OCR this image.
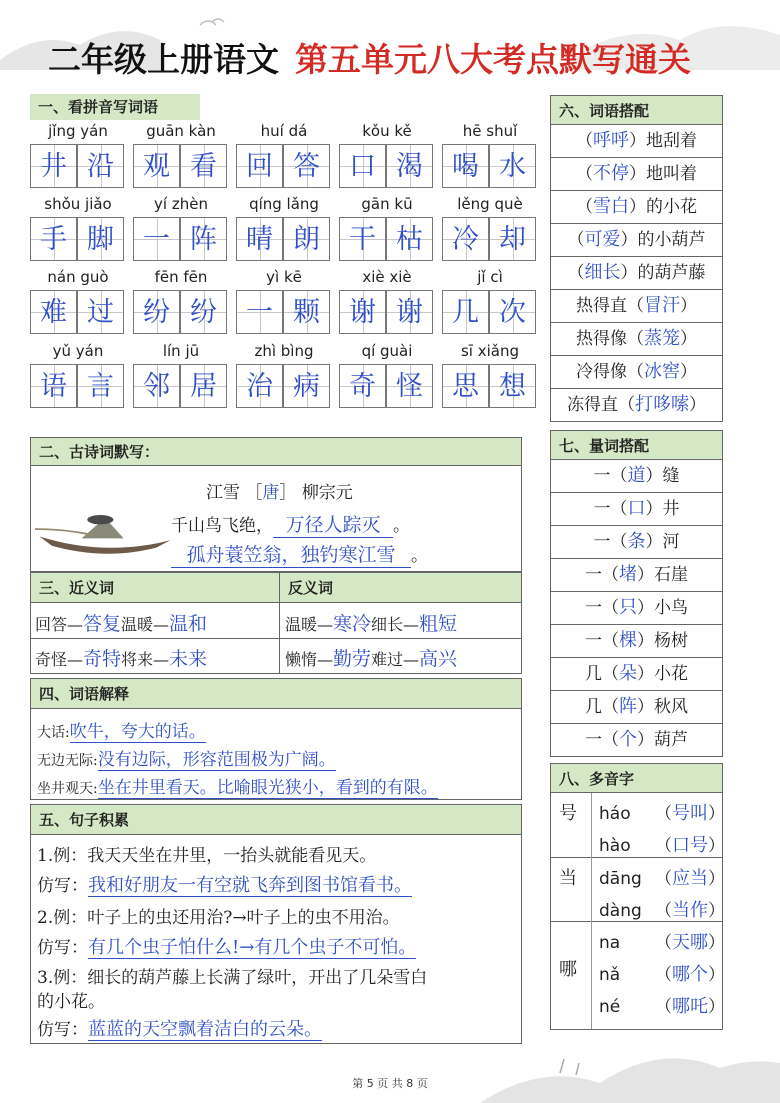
二年级上册语文 第五单元八大考点默写通关
一、看拼音写词语
jǐng yán
井 沿
guān kàn
观 看
huí dá
回 答
kǒu kě
口 渴
hē shuǐ
喝 水
shǒu jiǎo
手 脚
yí zhèn
一 阵
qíng lǎng
晴 朗
gān kū
干 枯
lěng què
冷 却
nán guò
难 过
fēn fēn
纷 纷
yì kē
一 颗
xiè xiè
谢 谢
jǐ cì
几 次
yǔ yán
语 言
lín jū
邻 居
zhì bìng
治 病
qí guài
奇 怪
sī xiǎng
思 想
二、古诗词默写：
江雪 ［唐］ 柳宗元
千山鸟飞绝， 万径人踪灭 。
孤舟蓑笠翁，独钓寒江雪 。
三、近义词	反义词
回答—答复温暖—温和
奇怪—奇特将来—未来
温暖—寒冷细长—粗短
懒惰—勤劳难过—高兴
四、词语解释
大话:吹牛，夸大的话。
无边无际:没有边际，形容范围极为广阔。
坐井观天:坐在井里看天。比喻眼光狭小，看到的有限。
五、句子积累
1.例：我天天坐在井里，一抬头就能看见天。
仿写：我和好朋友一有空就飞奔到图书馆看书。
2.例：叶子上的虫还用治?→叶子上的虫不用治。
仿写：有几个虫子怕什么!→有几个虫子不可怕。
3.例：细长的葫芦藤上长满了绿叶，开出了几朵雪白
的小花。
仿写：蓝蓝的天空飘着洁白的云朵。
六、词语搭配
（呼呼）地刮着
（不停）地叫着
（雪白）的小花
（可爱）的小葫芦
（细长）的葫芦藤
热得直（冒汗）
热得像（蒸笼）
冷得像（冰窖）
冻得直（打哆嗦）
七、量词搭配
一（道）缝
一（口）井
一（条）河
一（堵）石崖
一（只）小鸟
一（棵）杨树
几（朵）小花
几（阵）秋风
一（个）葫芦
八、多音字
号 háo （号叫）
hào （口号）
当 dāng （应当）
dàng （当作）
哪
na （天哪）
nǎ （哪个）
né （哪吒）
第 5 页 共 8 页
